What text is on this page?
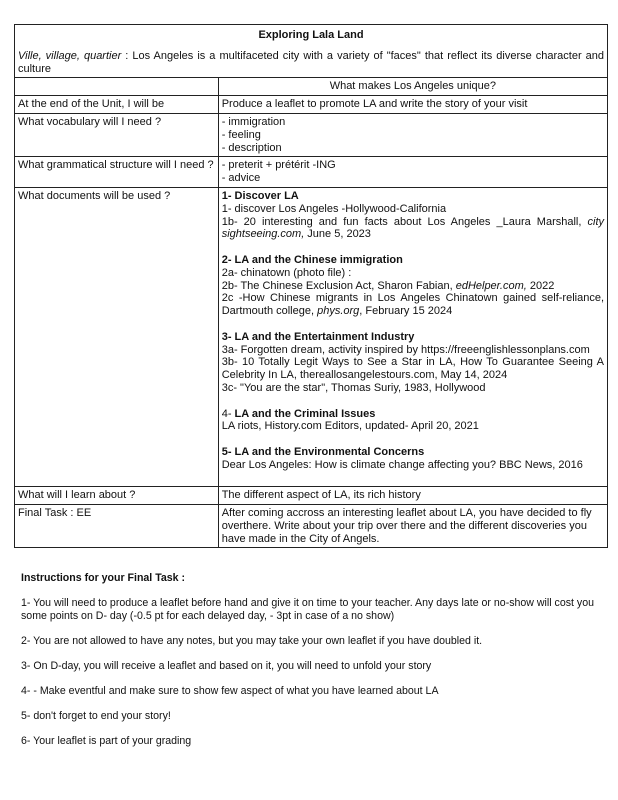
Exploring Lala Land

Ville, village, quartier : Los Angeles is a multifaceted city with a variety of "faces" that reflect its diverse character and culture	

	What makes Los Angeles unique?
At the end of the Unit, I will be	Produce a leaflet to promote LA and write the story of your visit
What vocabulary will I need ?	- immigration
- feeling
- description

What grammatical structure will I need ?	- preterit + prétérit -ING
- advice

What documents will be used ?	1- Discover LA
1- discover Los Angeles -Hollywood-California
1b- 20 interesting and fun facts about Los Angeles _Laura Marshall, city sightseeing.com, June 5, 2023
2- LA and the Chinese immigration
2a- chinatown (photo file) :
2b- The Chinese Exclusion Act, Sharon Fabian, edHelper.com, 2022
2c -How Chinese migrants in Los Angeles Chinatown gained self-reliance, Dartmouth college, phys.org, February 15 2024
3- LA and the Entertainment Industry
3a- Forgotten dream, activity inspired by https://freeenglishlessonplans.com
3b- 10 Totally Legit Ways to See a Star in LA, How To Guarantee Seeing A Celebrity In LA, thereallosangelestours.com, May 14, 2024
3c- "You are the star", Thomas Suriy, 1983, Hollywood
4- LA and the Criminal Issues
LA riots, History.com Editors, updated- April 20, 2021
5- LA and the Environmental Concerns
Dear Los Angeles: How is climate change affecting you? BBC News, 2016

What will I learn about ?	The different aspect of LA, its rich history
Final Task : EE	After coming accross an interesting leaflet about LA, you have decided to fly overthere. Write about your trip over there and the different discoveries you have made in the City of Angels.

Instructions for your Final Task :

1- You will need to produce a leaflet before hand and give it on time to your teacher. Any days late or no-show will cost you some points on D- day (-0.5 pt for each delayed day, - 3pt in case of a no show)

2- You are not allowed to have any notes, but you may take your own leaflet if you have doubled it.

3- On D-day, you will receive a leaflet and based on it, you will need to unfold your story

4- - Make eventful and make sure to show few aspect of what you have learned about LA

5- don't forget to end your story!

6- Your leaflet is part of your grading
